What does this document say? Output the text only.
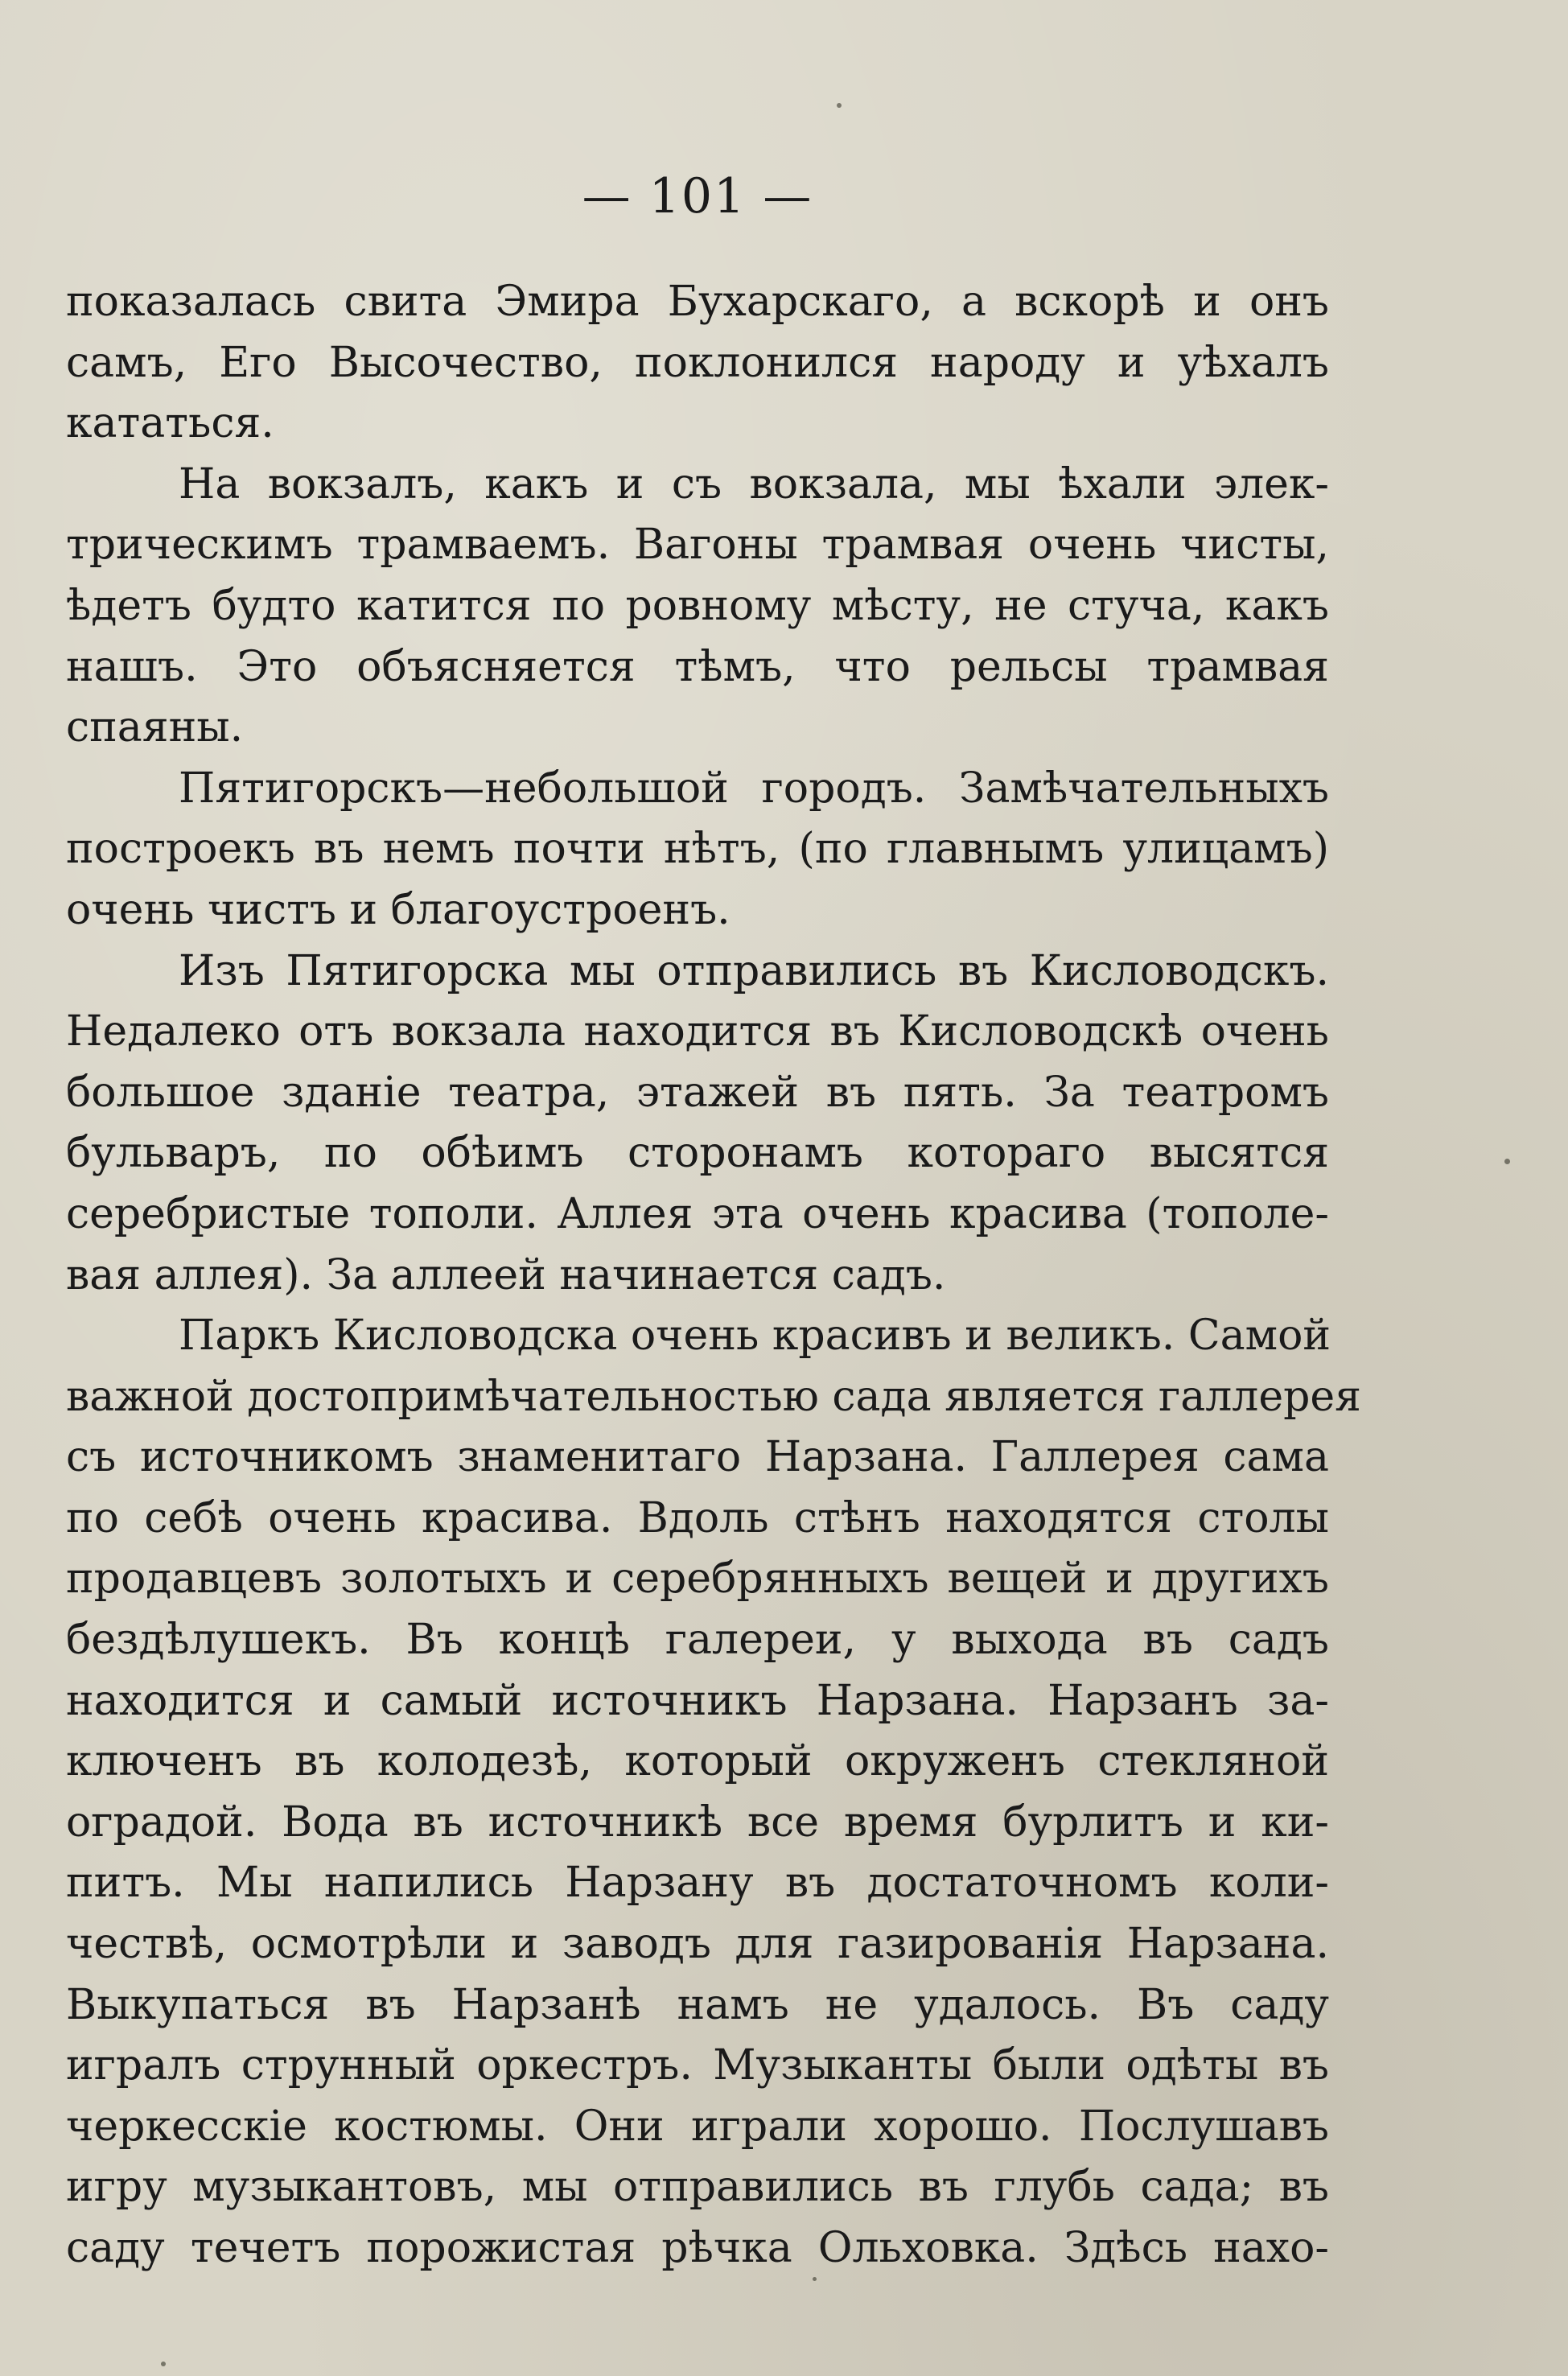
— 101 —
показалась свита Эмира Бухарскаго, а вскорѣ и онъ
самъ, Его Высочество, поклонился народу и уѣхалъ
кататься.
На вокзалъ, какъ и съ вокзала, мы ѣхали элек-
трическимъ трамваемъ. Вагоны трамвая очень чисты,
ѣдетъ будто катится по ровному мѣсту, не стуча, какъ
нашъ. Это объясняется тѣмъ, что рельсы трамвая
спаяны.
Пятигорскъ—небольшой городъ. Замѣчательныхъ
построекъ въ немъ почти нѣтъ, (по главнымъ улицамъ)
очень чистъ и благоустроенъ.
Изъ Пятигорска мы отправились въ Кисловодскъ.
Недалеко отъ вокзала находится въ Кисловодскѣ очень
большое зданіе театра, этажей въ пять. За театромъ
бульваръ, по обѣимъ сторонамъ котораго высятся
серебристые тополи. Аллея эта очень красива (тополе-
вая аллея). За аллеей начинается садъ.
Паркъ Кисловодска очень красивъ и великъ. Самой
важной достопримѣчательностью сада является галлерея
съ источникомъ знаменитаго Нарзана. Галлерея сама
по себѣ очень красива. Вдоль стѣнъ находятся столы
продавцевъ золотыхъ и серебрянныхъ вещей и другихъ
бездѣлушекъ. Въ концѣ галереи, у выхода въ садъ
находится и самый источникъ Нарзана. Нарзанъ за-
ключенъ въ колодезѣ, который окруженъ стекляной
оградой. Вода въ источникѣ все время бурлитъ и ки-
питъ. Мы напились Нарзану въ достаточномъ коли-
чествѣ, осмотрѣли и заводъ для газированія Нарзана.
Выкупаться въ Нарзанѣ намъ не удалось. Въ саду
игралъ струнный оркестръ. Музыканты были одѣты въ
черкесскіе костюмы. Они играли хорошо. Послушавъ
игру музыкантовъ, мы отправились въ глубь сада; въ
саду течетъ порожистая рѣчка Ольховка. Здѣсь нахо-
